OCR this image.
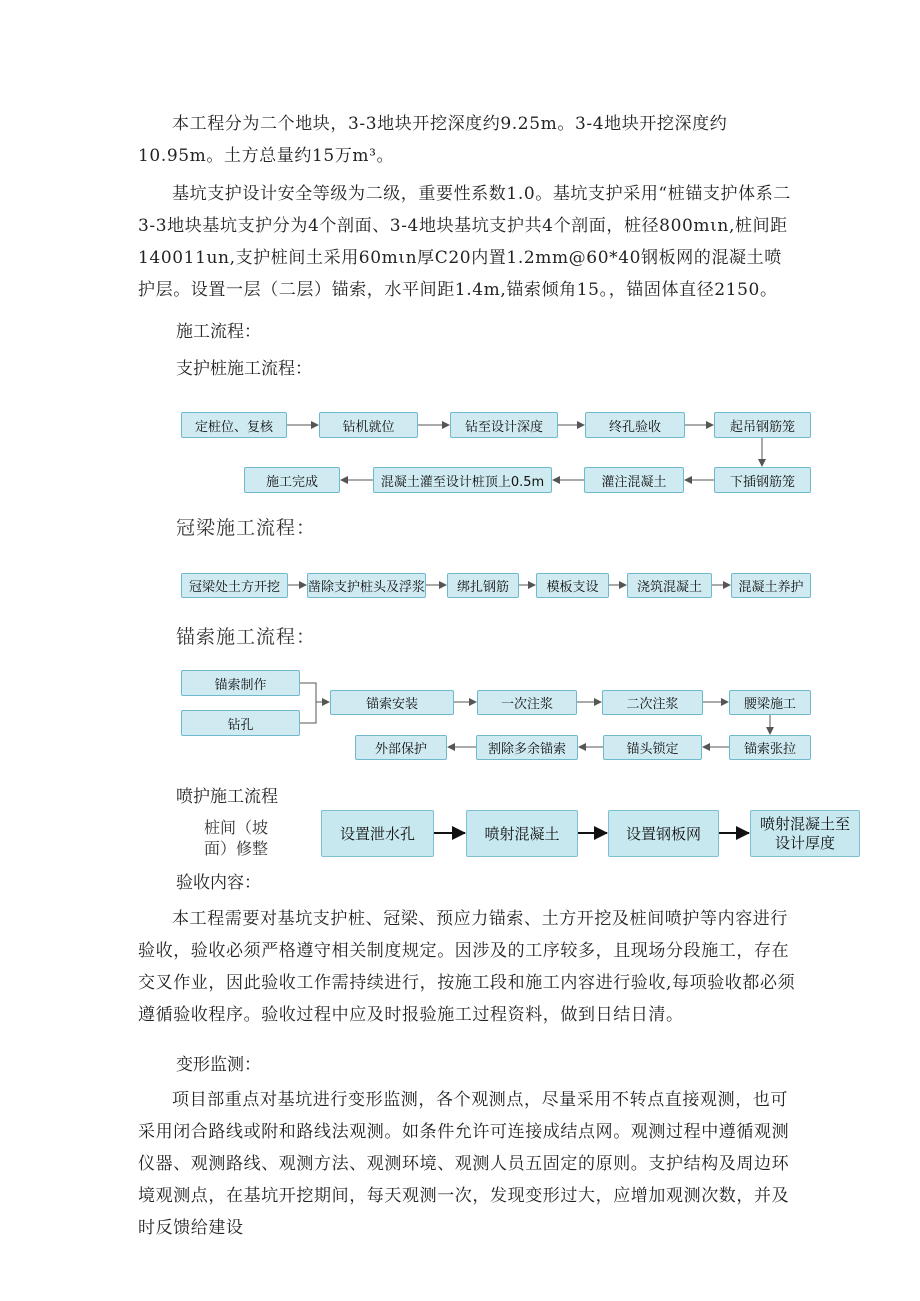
本工程分为二个地块，3-3地块开挖深度约9.25m。3-4地块开挖深度约10.95m。土方总量约15万m³。

基坑支护设计安全等级为二级，重要性系数1.0。基坑支护采用“桩锚支护体系二3-3地块基坑支护分为4个剖面、3-4地块基坑支护共4个剖面，桩径800mιn,桩间距140011un,支护桩间土采用60mιn厚C20内置1.2mm@60*40钢板网的混凝土喷护层。设置一层（二层）锚索，水平间距1.4m,锚索倾角15。，锚固体直径2150。

施工流程：
支护桩施工流程：
定桩位、复核	钻机就位	钻至设计深度	终孔验收	起吊钢筋笼
施工完成	混凝土灌至设计桩顶上0.5m	灌注混凝土	下插钢筋笼
冠梁施工流程：
冠梁处土方开挖	凿除支护桩头及浮浆	绑扎钢筋	模板支设	浇筑混凝土	混凝土养护
锚索施工流程：
锚索制作
钻孔
锚索安装	一次注浆	二次注浆	腰梁施工
外部保护	割除多余锚索	锚头锁定	锚索张拉
喷护施工流程
桩间（坡面）修整
设置泄水孔	喷射混凝土	设置钢板网
喷射混凝土至设计厚度
验收内容：

本工程需要对基坑支护桩、冠梁、预应力锚索、土方开挖及桩间喷护等内容进行验收，验收必须严格遵守相关制度规定。因涉及的工序较多，且现场分段施工，存在交叉作业，因此验收工作需持续进行，按施工段和施工内容进行验收,每项验收都必须遵循验收程序。验收过程中应及时报验施工过程资料，做到日结日清。

变形监测：

项目部重点对基坑进行变形监测，各个观测点，尽量采用不转点直接观测，也可采用闭合路线或附和路线法观测。如条件允许可连接成结点网。观测过程中遵循观测仪器、观测路线、观测方法、观测环境、观测人员五固定的原则。支护结构及周边环境观测点，在基坑开挖期间，每天观测一次，发现变形过大，应增加观测次数，并及时反馈给建设
